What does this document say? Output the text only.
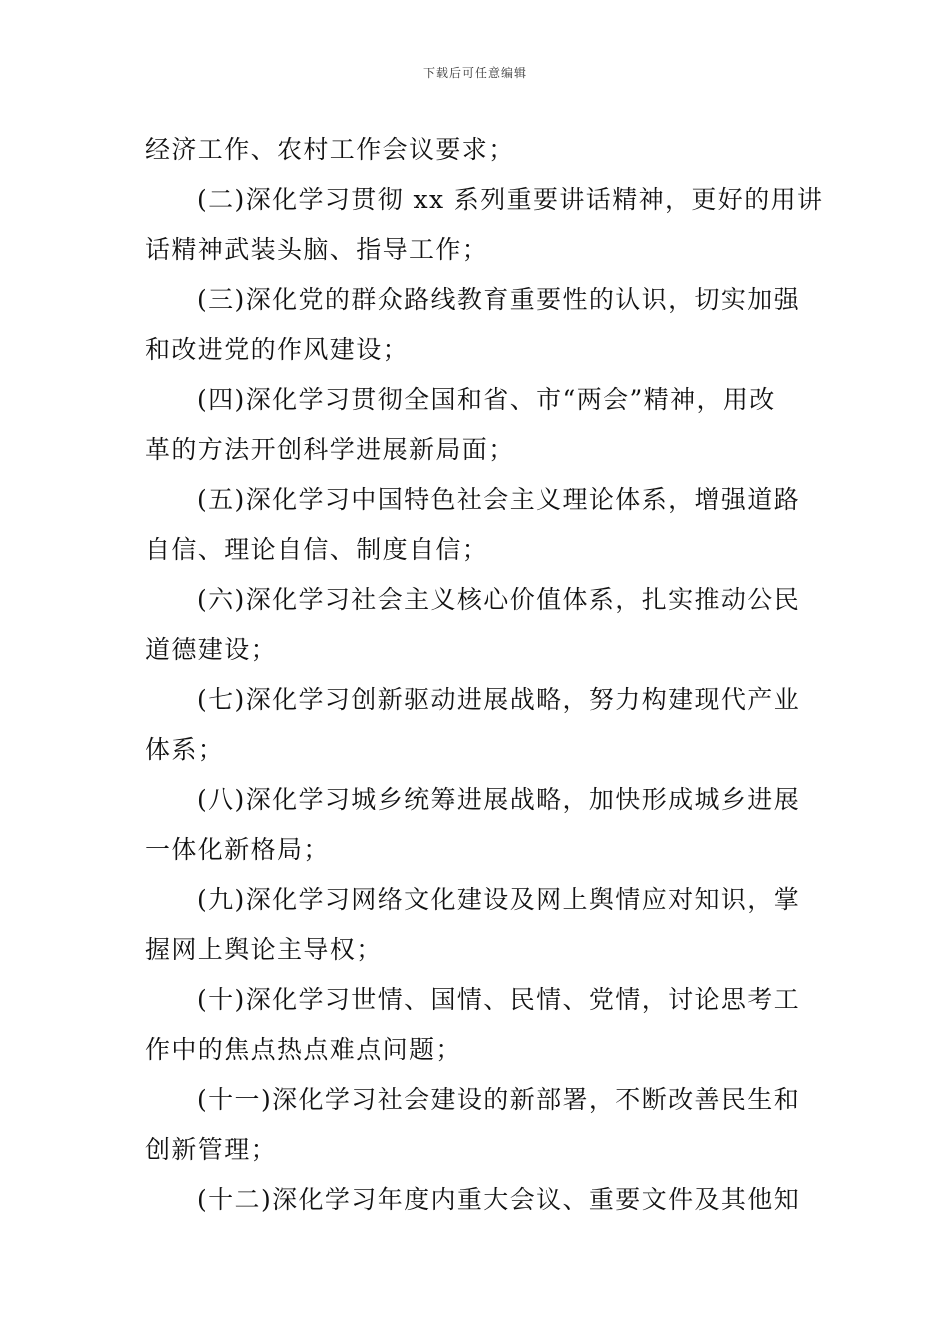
下载后可任意编辑
经济工作、农村工作会议要求；
(二)深化学习贯彻 xx 系列重要讲话精神，更好的用讲
话精神武装头脑、指导工作；
(三)深化党的群众路线教育重要性的认识，切实加强
和改进党的作风建设；
(四)深化学习贯彻全国和省、市“两会”精神，用改
革的方法开创科学进展新局面；
(五)深化学习中国特色社会主义理论体系，增强道路
自信、理论自信、制度自信；
(六)深化学习社会主义核心价值体系，扎实推动公民
道德建设；
(七)深化学习创新驱动进展战略，努力构建现代产业
体系；
(八)深化学习城乡统筹进展战略，加快形成城乡进展
一体化新格局；
(九)深化学习网络文化建设及网上舆情应对知识，掌
握网上舆论主导权；
(十)深化学习世情、国情、民情、党情，讨论思考工
作中的焦点热点难点问题；
(十一)深化学习社会建设的新部署，不断改善民生和
创新管理；
(十二)深化学习年度内重大会议、重要文件及其他知
